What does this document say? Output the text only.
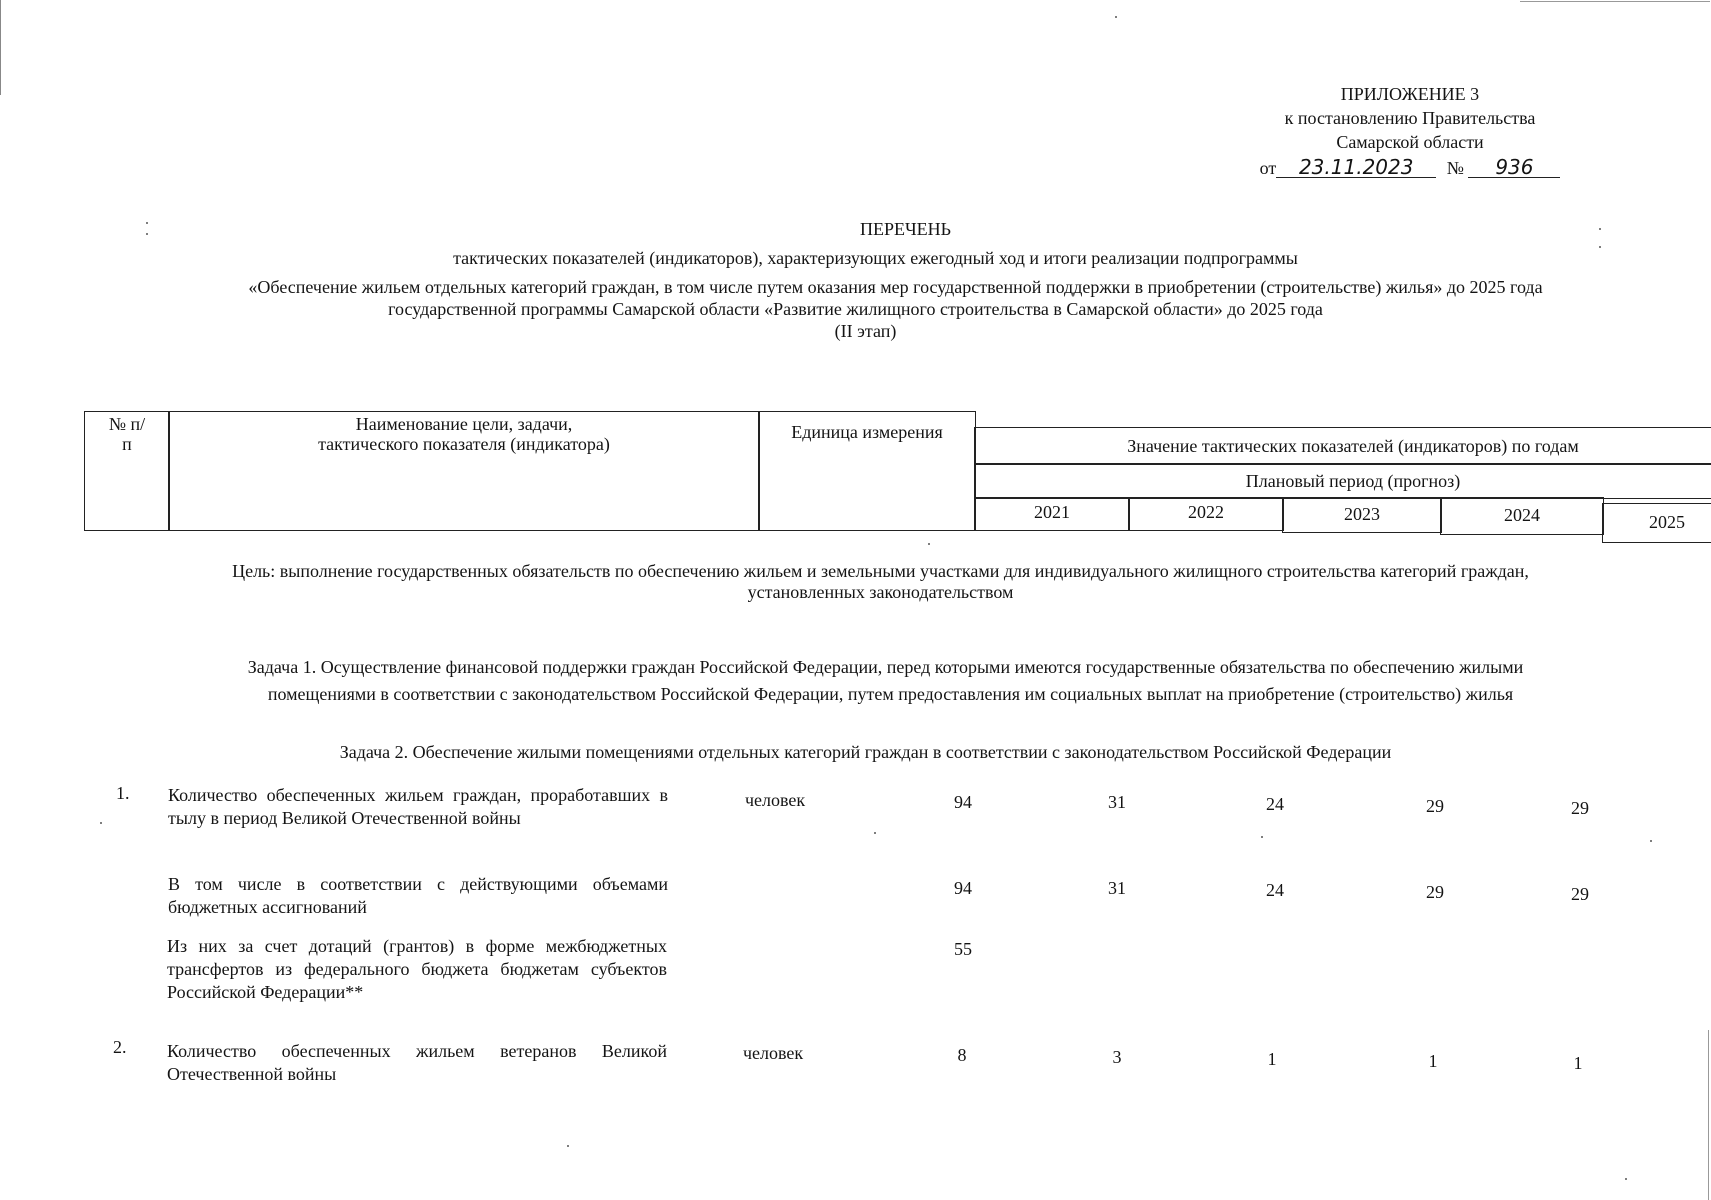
ПРИЛОЖЕНИЕ 3
к постановлению Правительства
Самарской области
от 23.11.2023 № 936
ПЕРЕЧЕНЬ
тактических показателей (индикаторов), характеризующих ежегодный ход и итоги реализации подпрограммы
«Обеспечение жильем отдельных категорий граждан, в том числе путем оказания мер государственной поддержки в приобретении (строительстве) жилья» до 2025 года
государственной программы Самарской области «Развитие жилищного строительства в Самарской области» до 2025 года
(II этап)
№ п/п
Наименование цели, задачи,
тактического показателя (индикатора)
Единица измерения
Значение тактических показателей (индикаторов) по годам
Плановый период (прогноз)
2021	2022	2023	2024	2025
Цель: выполнение государственных обязательств по обеспечению жильем и земельными участками для индивидуального жилищного строительства категорий граждан,
установленных законодательством
Задача 1. Осуществление финансовой поддержки граждан Российской Федерации, перед которыми имеются государственные обязательства по обеспечению жилыми
помещениями в соответствии с законодательством Российской Федерации, путем предоставления им социальных выплат на приобретение (строительство) жилья
Задача 2. Обеспечение жилыми помещениями отдельных категорий граждан в соответствии с законодательством Российской Федерации
1. Количество обеспеченных жильем граждан, проработавших в тылу в период Великой Отечественной войны
человек	94	31	24	29	29
В том числе в соответствии с действующими объемами бюджетных ассигнований
94	31	24	29	29
Из них за счет дотаций (грантов) в форме межбюджетных трансфертов из федерального бюджета бюджетам субъектов Российской Федерации**
55
2. Количество обеспеченных жильем ветеранов Великой Отечественной войны
человек	8	3	1	1	1
